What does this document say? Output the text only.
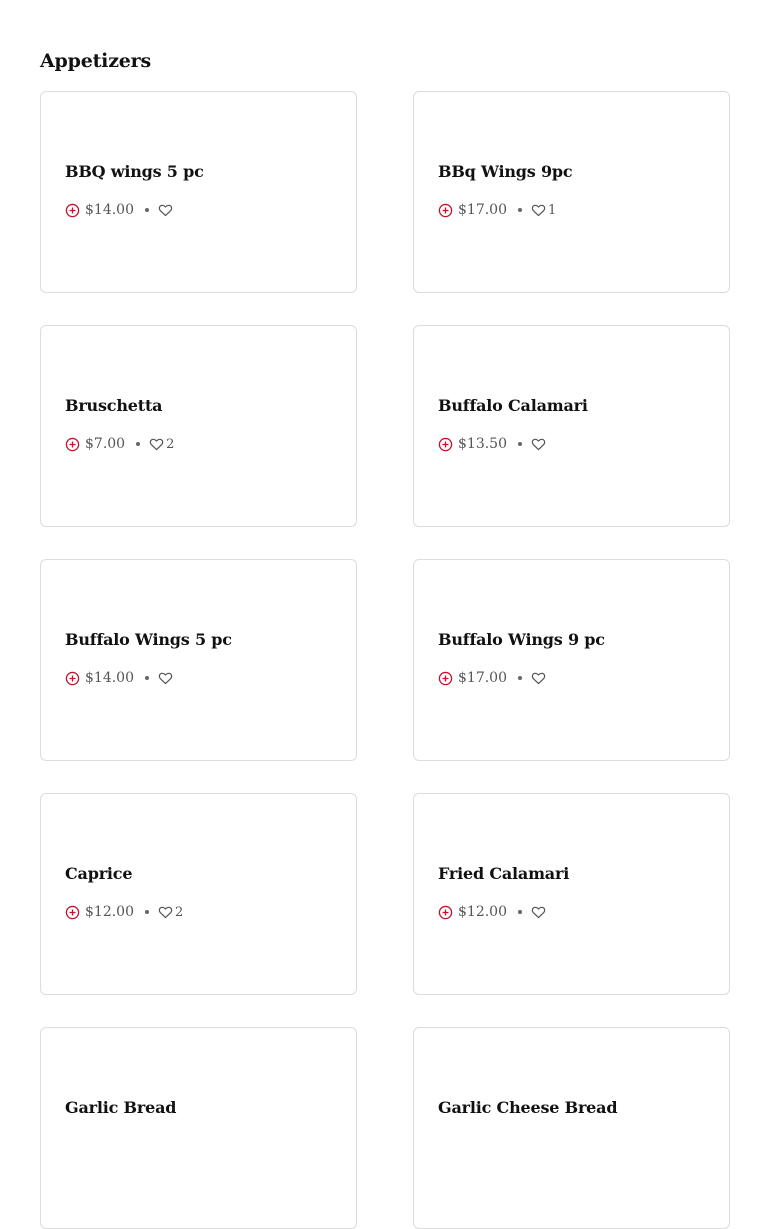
Appetizers
BBQ wings 5 pc
$14.00
BBq Wings 9pc
$17.00	1
Bruschetta
$7.00	2
Buffalo Calamari
$13.50
Buffalo Wings 5 pc
$14.00
Buffalo Wings 9 pc
$17.00
Caprice
$12.00	2
Fried Calamari
$12.00
Garlic Bread	Garlic Cheese Bread
